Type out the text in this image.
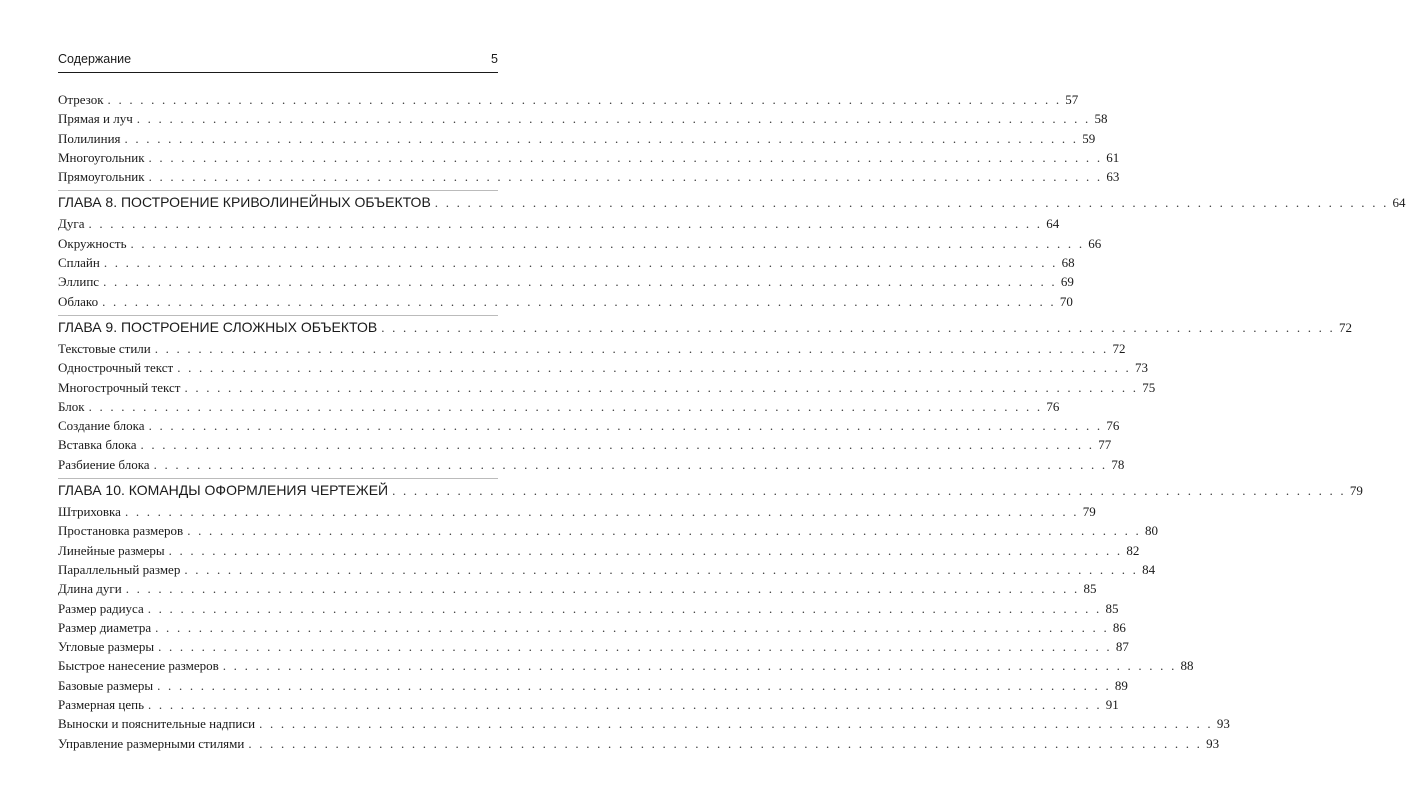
Содержание	5
Отрезок . . . . . . . . . . . . . . . . . . . . . . . . . . . . . . . . . . . . . . . . . . . . . . . . . . . . . . . . . . . . . . . . . . . . . . . . . . . . . . . . . . . . . . . . 57
Прямая и луч . . . . . . . . . . . . . . . . . . . . . . . . . . . . . . . . . . . . . . . . . . . . . . . . . . . . . . . . . . . . . . . . . . . . . . . . . . . . . . . . . . . . . . . . 58
Полилиния . . . . . . . . . . . . . . . . . . . . . . . . . . . . . . . . . . . . . . . . . . . . . . . . . . . . . . . . . . . . . . . . . . . . . . . . . . . . . . . . . . . . . . . . 59
Многоугольник . . . . . . . . . . . . . . . . . . . . . . . . . . . . . . . . . . . . . . . . . . . . . . . . . . . . . . . . . . . . . . . . . . . . . . . . . . . . . . . . . . . . . . . . 61
Прямоугольник . . . . . . . . . . . . . . . . . . . . . . . . . . . . . . . . . . . . . . . . . . . . . . . . . . . . . . . . . . . . . . . . . . . . . . . . . . . . . . . . . . . . . . . . 63
ГЛАВА 8. ПОСТРОЕНИЕ КРИВОЛИНЕЙНЫХ ОБЪЕКТОВ . . . . . . . . . . . . . . . . . . . . . . . . . . . . . . . . . . . . . . . . . . . . . . . . . . . . . . . . . . . . . . . . . . . . . . . . . . . . . . . . . . . . . . . . 64
Дуга . . . . . . . . . . . . . . . . . . . . . . . . . . . . . . . . . . . . . . . . . . . . . . . . . . . . . . . . . . . . . . . . . . . . . . . . . . . . . . . . . . . . . . . . 64
Окружность . . . . . . . . . . . . . . . . . . . . . . . . . . . . . . . . . . . . . . . . . . . . . . . . . . . . . . . . . . . . . . . . . . . . . . . . . . . . . . . . . . . . . . . . 66
Сплайн . . . . . . . . . . . . . . . . . . . . . . . . . . . . . . . . . . . . . . . . . . . . . . . . . . . . . . . . . . . . . . . . . . . . . . . . . . . . . . . . . . . . . . . . 68
Эллипс . . . . . . . . . . . . . . . . . . . . . . . . . . . . . . . . . . . . . . . . . . . . . . . . . . . . . . . . . . . . . . . . . . . . . . . . . . . . . . . . . . . . . . . . 69
Облако . . . . . . . . . . . . . . . . . . . . . . . . . . . . . . . . . . . . . . . . . . . . . . . . . . . . . . . . . . . . . . . . . . . . . . . . . . . . . . . . . . . . . . . . 70
ГЛАВА 9. ПОСТРОЕНИЕ СЛОЖНЫХ ОБЪЕКТОВ . . . . . . . . . . . . . . . . . . . . . . . . . . . . . . . . . . . . . . . . . . . . . . . . . . . . . . . . . . . . . . . . . . . . . . . . . . . . . . . . . . . . . . . . 72
Текстовые стили . . . . . . . . . . . . . . . . . . . . . . . . . . . . . . . . . . . . . . . . . . . . . . . . . . . . . . . . . . . . . . . . . . . . . . . . . . . . . . . . . . . . . . . . 72
Однострочный текст . . . . . . . . . . . . . . . . . . . . . . . . . . . . . . . . . . . . . . . . . . . . . . . . . . . . . . . . . . . . . . . . . . . . . . . . . . . . . . . . . . . . . . . . 73
Многострочный текст . . . . . . . . . . . . . . . . . . . . . . . . . . . . . . . . . . . . . . . . . . . . . . . . . . . . . . . . . . . . . . . . . . . . . . . . . . . . . . . . . . . . . . . . 75
Блок . . . . . . . . . . . . . . . . . . . . . . . . . . . . . . . . . . . . . . . . . . . . . . . . . . . . . . . . . . . . . . . . . . . . . . . . . . . . . . . . . . . . . . . . 76
Создание блока . . . . . . . . . . . . . . . . . . . . . . . . . . . . . . . . . . . . . . . . . . . . . . . . . . . . . . . . . . . . . . . . . . . . . . . . . . . . . . . . . . . . . . . . 76
Вставка блока . . . . . . . . . . . . . . . . . . . . . . . . . . . . . . . . . . . . . . . . . . . . . . . . . . . . . . . . . . . . . . . . . . . . . . . . . . . . . . . . . . . . . . . . 77
Разбиение блока . . . . . . . . . . . . . . . . . . . . . . . . . . . . . . . . . . . . . . . . . . . . . . . . . . . . . . . . . . . . . . . . . . . . . . . . . . . . . . . . . . . . . . . . 78
ГЛАВА 10. КОМАНДЫ ОФОРМЛЕНИЯ ЧЕРТЕЖЕЙ . . . . . . . . . . . . . . . . . . . . . . . . . . . . . . . . . . . . . . . . . . . . . . . . . . . . . . . . . . . . . . . . . . . . . . . . . . . . . . . . . . . . . . . . 79
Штриховка . . . . . . . . . . . . . . . . . . . . . . . . . . . . . . . . . . . . . . . . . . . . . . . . . . . . . . . . . . . . . . . . . . . . . . . . . . . . . . . . . . . . . . . . 79
Простановка размеров . . . . . . . . . . . . . . . . . . . . . . . . . . . . . . . . . . . . . . . . . . . . . . . . . . . . . . . . . . . . . . . . . . . . . . . . . . . . . . . . . . . . . . . . 80
Линейные размеры . . . . . . . . . . . . . . . . . . . . . . . . . . . . . . . . . . . . . . . . . . . . . . . . . . . . . . . . . . . . . . . . . . . . . . . . . . . . . . . . . . . . . . . . 82
Параллельный размер . . . . . . . . . . . . . . . . . . . . . . . . . . . . . . . . . . . . . . . . . . . . . . . . . . . . . . . . . . . . . . . . . . . . . . . . . . . . . . . . . . . . . . . . 84
Длина дуги . . . . . . . . . . . . . . . . . . . . . . . . . . . . . . . . . . . . . . . . . . . . . . . . . . . . . . . . . . . . . . . . . . . . . . . . . . . . . . . . . . . . . . . . 85
Размер радиуса . . . . . . . . . . . . . . . . . . . . . . . . . . . . . . . . . . . . . . . . . . . . . . . . . . . . . . . . . . . . . . . . . . . . . . . . . . . . . . . . . . . . . . . . 85
Размер диаметра . . . . . . . . . . . . . . . . . . . . . . . . . . . . . . . . . . . . . . . . . . . . . . . . . . . . . . . . . . . . . . . . . . . . . . . . . . . . . . . . . . . . . . . . 86
Угловые размеры . . . . . . . . . . . . . . . . . . . . . . . . . . . . . . . . . . . . . . . . . . . . . . . . . . . . . . . . . . . . . . . . . . . . . . . . . . . . . . . . . . . . . . . . 87
Быстрое нанесение размеров . . . . . . . . . . . . . . . . . . . . . . . . . . . . . . . . . . . . . . . . . . . . . . . . . . . . . . . . . . . . . . . . . . . . . . . . . . . . . . . . . . . . . . . . 88
Базовые размеры . . . . . . . . . . . . . . . . . . . . . . . . . . . . . . . . . . . . . . . . . . . . . . . . . . . . . . . . . . . . . . . . . . . . . . . . . . . . . . . . . . . . . . . . 89
Размерная цепь . . . . . . . . . . . . . . . . . . . . . . . . . . . . . . . . . . . . . . . . . . . . . . . . . . . . . . . . . . . . . . . . . . . . . . . . . . . . . . . . . . . . . . . . 91
Выноски и пояснительные надписи . . . . . . . . . . . . . . . . . . . . . . . . . . . . . . . . . . . . . . . . . . . . . . . . . . . . . . . . . . . . . . . . . . . . . . . . . . . . . . . . . . . . . . . . 93
Управление размерными стилями . . . . . . . . . . . . . . . . . . . . . . . . . . . . . . . . . . . . . . . . . . . . . . . . . . . . . . . . . . . . . . . . . . . . . . . . . . . . . . . . . . . . . . . . 93
